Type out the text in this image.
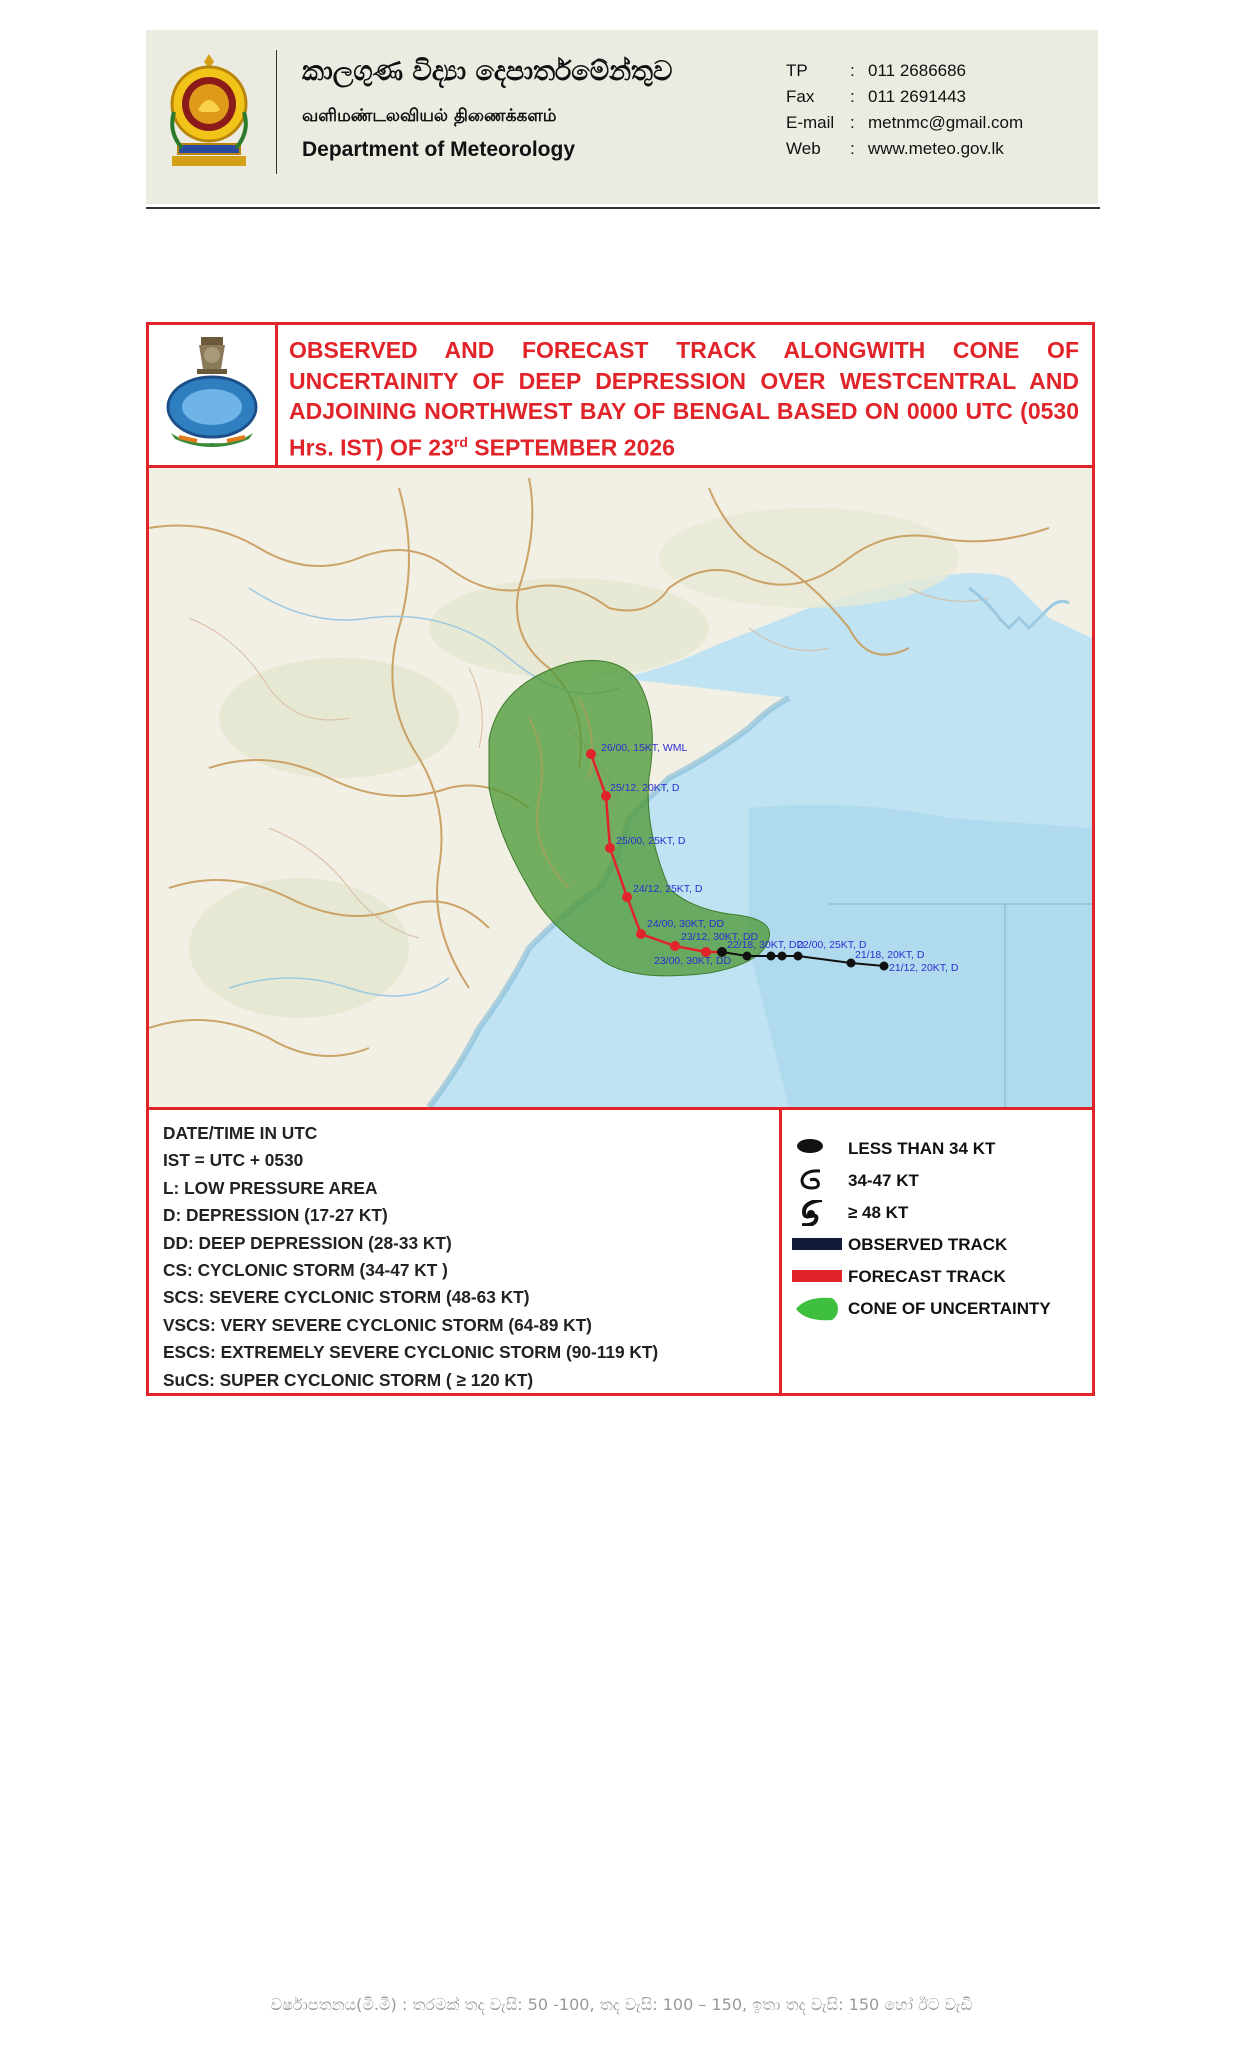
කාලගුණ විද්‍යා දෙපාර්තමේන්තුව
வளிமண்டலவியல் திணைக்களம்
Department of Meteorology
TP	: 011 2686686
Fax	: 011 2691443
E-mail : metnmc@gmail.com
Web	: www.meteo.gov.lk
OBSERVED AND FORECAST TRACK ALONGWITH CONE OF
UNCERTAINITY OF DEEP DEPRESSION OVER WESTCENTRAL AND
ADJOINING NORTHWEST BAY OF BENGAL BASED ON 0000 UTC (0530
Hrs. IST) OF 23rd SEPTEMBER 2026
26/00, 15KT, WML
25/12, 20KT, D
25/00, 25KT, D
24/12, 25KT, D
24/00, 30KT, DD
23/12, 30KT, DD
23/00, 30KT, DD
22/18, 30KT, DD
22/00, 25KT, D
21/18, 20KT, D
21/12, 20KT, D
DATE/TIME IN UTC
IST = UTC + 0530
L: LOW PRESSURE AREA
D: DEPRESSION (17-27 KT)
DD: DEEP DEPRESSION (28-33 KT)
CS: CYCLONIC STORM (34-47 KT )
SCS: SEVERE CYCLONIC STORM (48-63 KT)
VSCS: VERY SEVERE CYCLONIC STORM (64-89 KT)
ESCS: EXTREMELY SEVERE CYCLONIC STORM (90-119 KT)
SuCS: SUPER CYCLONIC STORM ( ≥ 120 KT)
LESS THAN 34 KT
34-47 KT
≥ 48 KT
OBSERVED TRACK
FORECAST TRACK
CONE OF UNCERTAINTY
වර්ෂාපතනය(මි.මී) : තරමක් තද වැසි: 50 -100, තද වැසි: 100 – 150, ඉතා තද වැසි: 150 හෝ ඊට වැඩි
